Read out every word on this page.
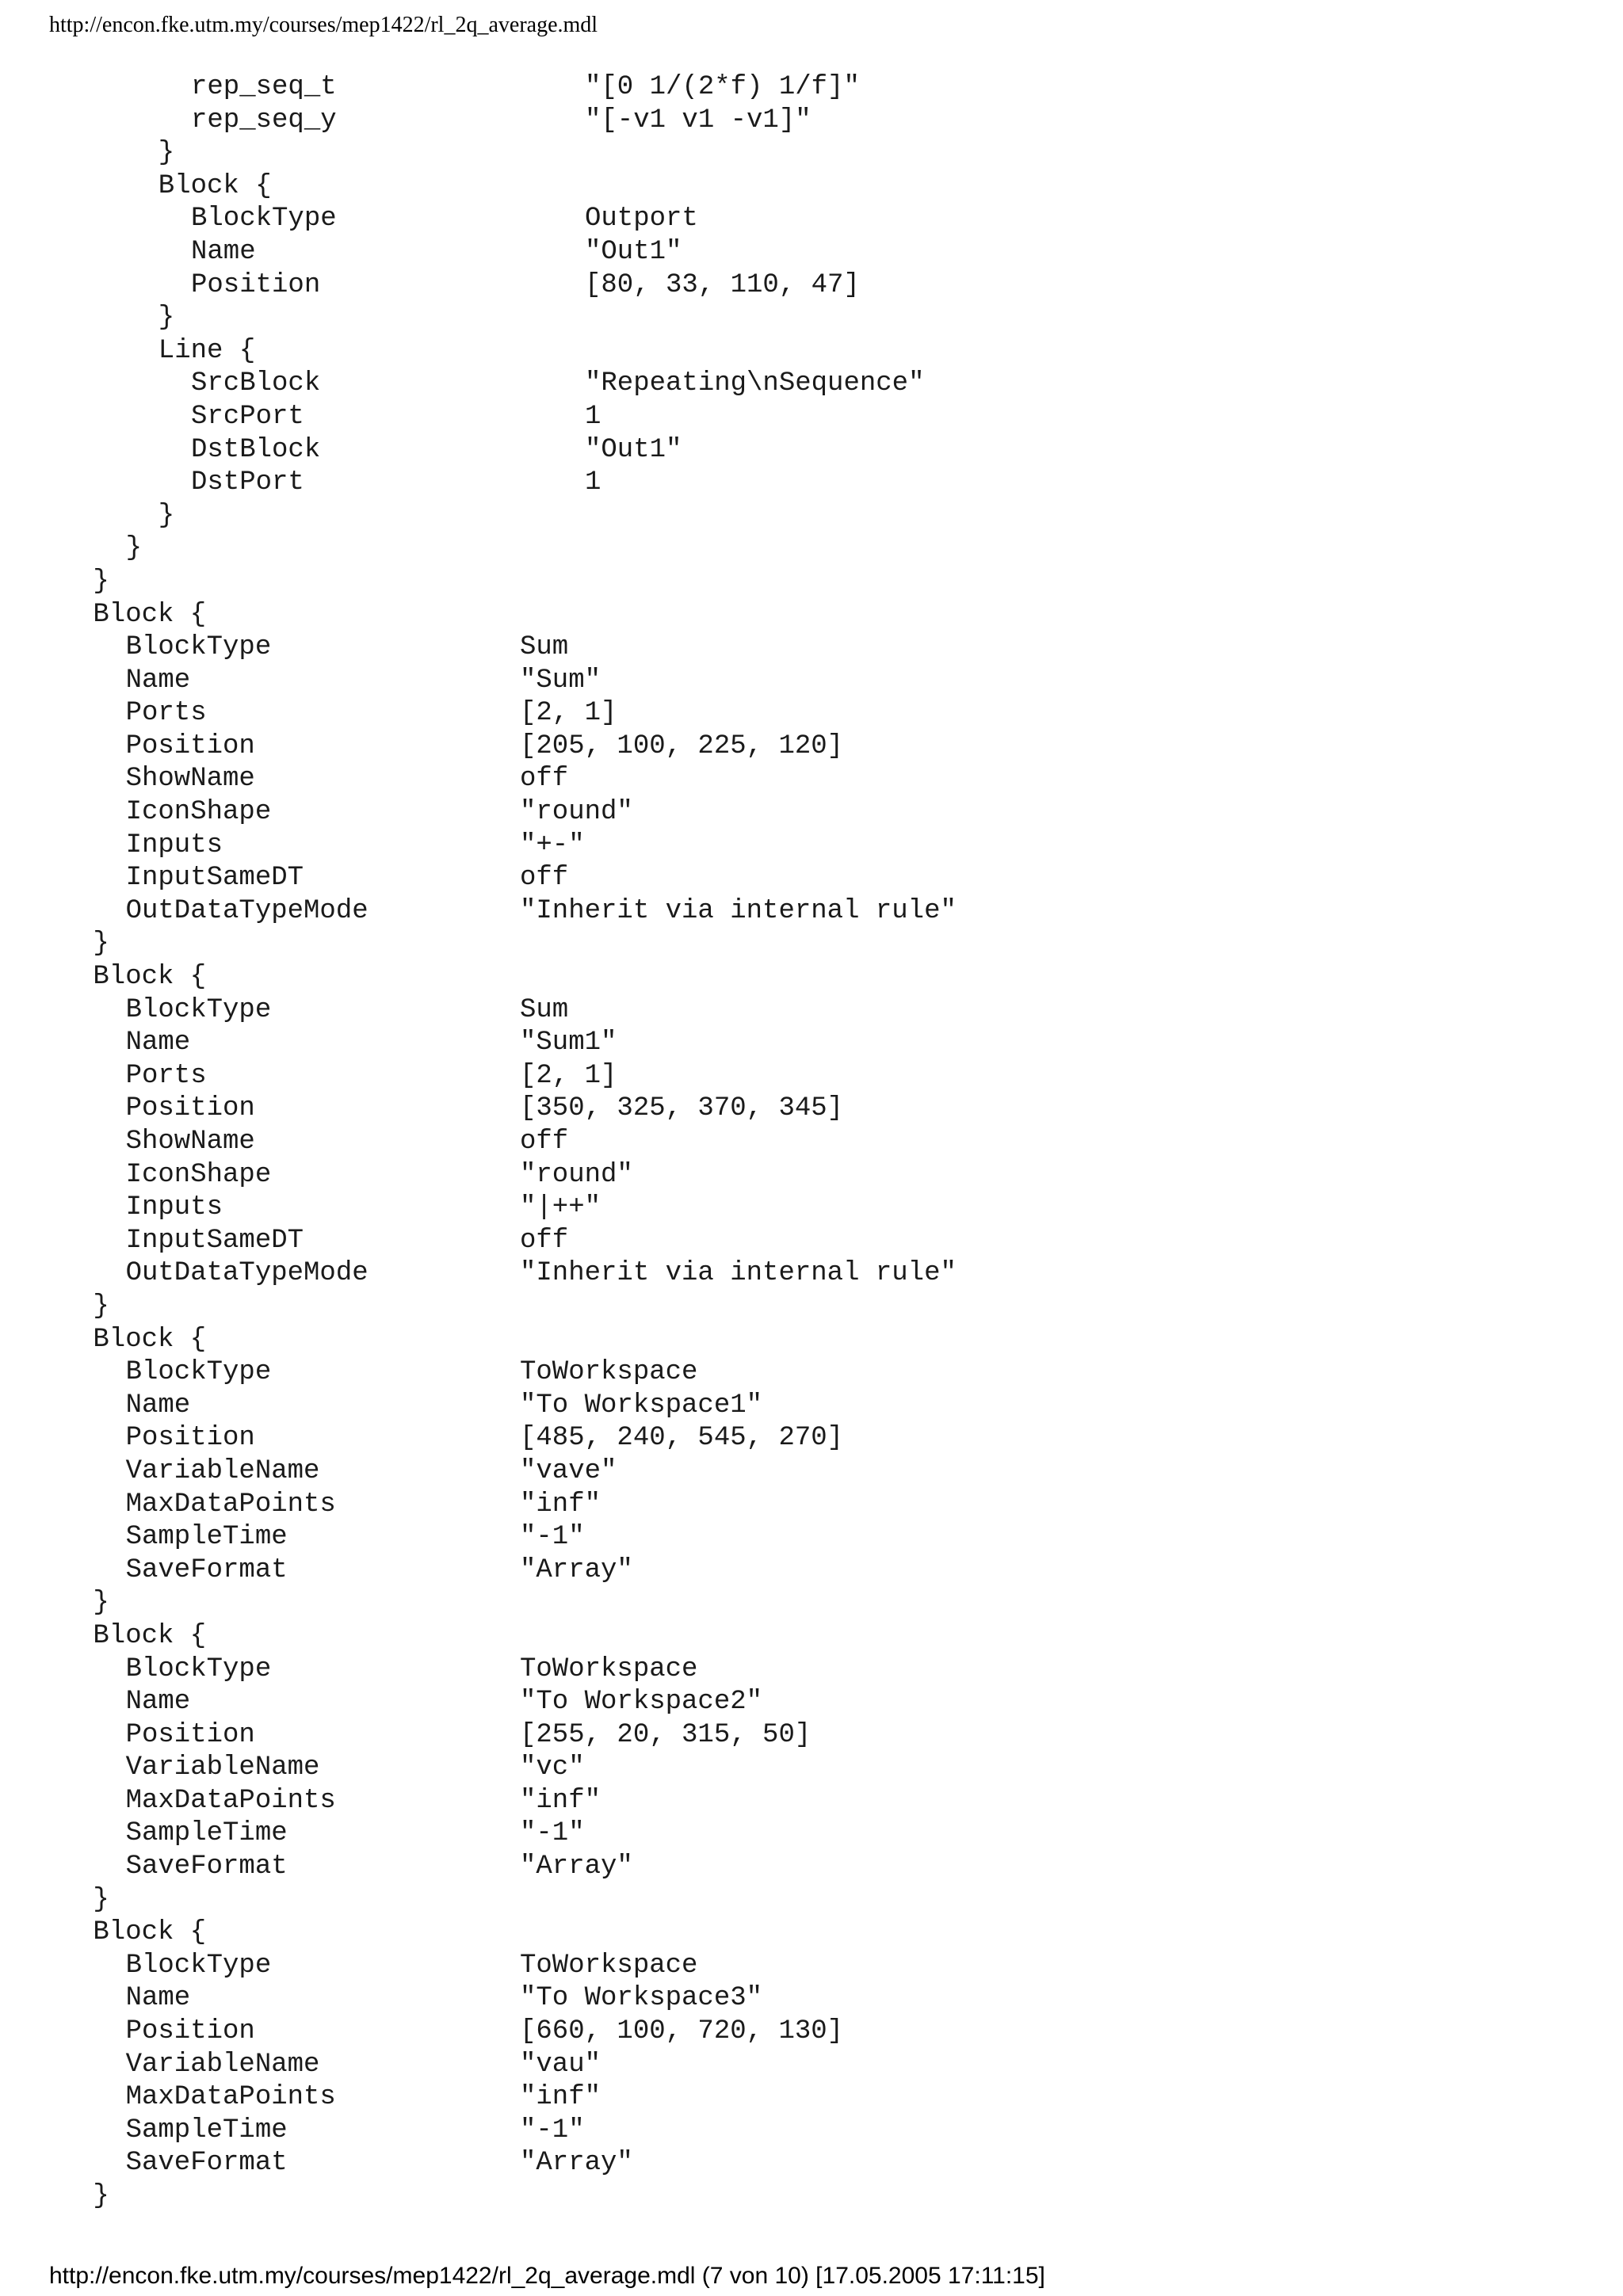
http://encon.fke.utm.my/courses/mep1422/rl_2q_average.mdl
rep_seq_t	"[0 1/(2*f) 1/f]"
rep_seq_y	"[-v1 v1 -v1]"
}
Block {
BlockType	Outport
Name	"Out1"
Position	[80, 33, 110, 47]
}
Line {
SrcBlock	"Repeating\nSequence"
SrcPort	1
DstBlock	"Out1"
DstPort	1
}
}
}
Block {
BlockType	Sum
Name	"Sum"
Ports	[2, 1]
Position	[205, 100, 225, 120]
ShowName	off
IconShape	"round"
Inputs	"+-"
InputSameDT	off
OutDataTypeMode	"Inherit via internal rule"
}
Block {
BlockType	Sum
Name	"Sum1"
Ports	[2, 1]
Position	[350, 325, 370, 345]
ShowName	off
IconShape	"round"
Inputs	"|++"
InputSameDT	off
OutDataTypeMode	"Inherit via internal rule"
}
Block {
BlockType	ToWorkspace
Name	"To Workspace1"
Position	[485, 240, 545, 270]
VariableName	"vave"
MaxDataPoints	"inf"
SampleTime	"-1"
SaveFormat	"Array"
}
Block {
BlockType	ToWorkspace
Name	"To Workspace2"
Position	[255, 20, 315, 50]
VariableName	"vc"
MaxDataPoints	"inf"
SampleTime	"-1"
SaveFormat	"Array"
}
Block {
BlockType	ToWorkspace
Name	"To Workspace3"
Position	[660, 100, 720, 130]
VariableName	"vau"
MaxDataPoints	"inf"
SampleTime	"-1"
SaveFormat	"Array"
}
http://encon.fke.utm.my/courses/mep1422/rl_2q_average.mdl (7 von 10) [17.05.2005 17:11:15]
